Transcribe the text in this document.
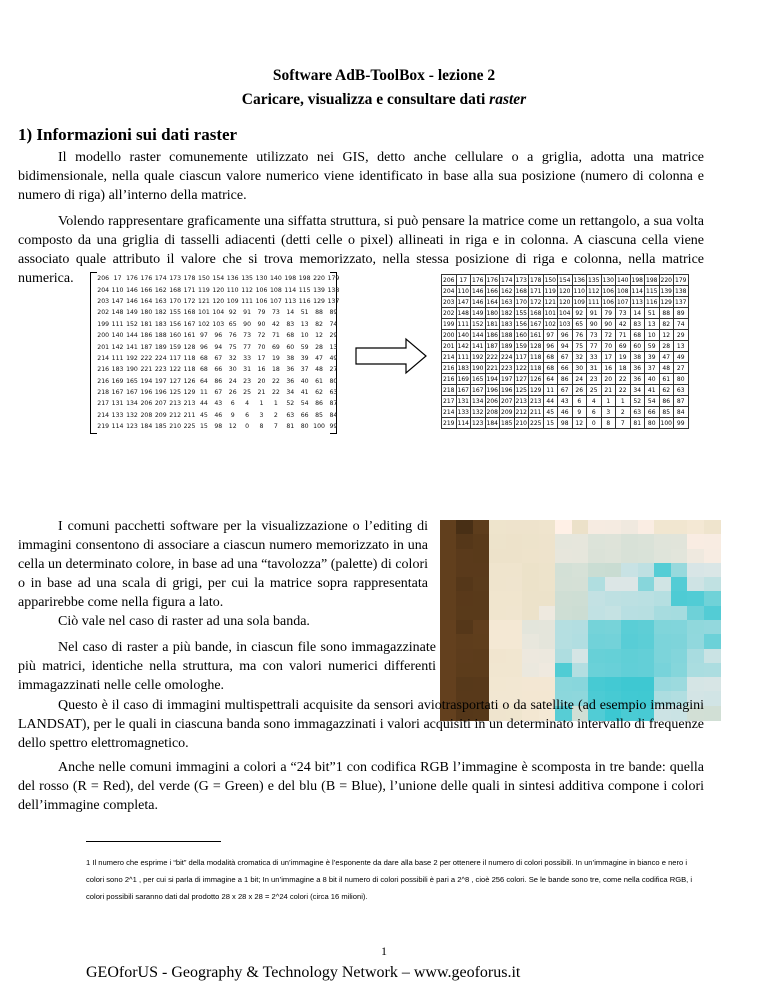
Software AdB-ToolBox - lezione 2
Caricare, visualizza e consultare dati raster
1) Informazioni sui dati raster
Il modello raster comunemente utilizzato nei GIS, detto anche cellulare o a griglia, adotta una matrice bidimensionale, nella quale ciascun valore numerico viene identificato in base alla sua posizione (numero di colonna e numero di riga) all’interno della matrice.
Volendo rappresentare graficamente una siffatta struttura, si può pensare la matrice come un rettangolo, a sua volta composto da una griglia di tasselli adiacenti (detti celle o pixel) allineati in riga e in colonna. A ciascuna cella viene associato quale attributo il valore che si trova memorizzato, nella stessa posizione di riga e colonna, nella matrice numerica.	206 17 176 176 174 173 178 150 154 136 135 130 140 198 198 220 179
204 110 146 166 162 168 171 119 120 110 112 106 108 114 115 139 138
203 147 146 164 163 170 172 121 120 109 111 106 107 113 116 129 137
202 148 149 180 182 155 168 101 104 92	91	79	73	14	51	88	89
199 111 152 181 183 156 167 102 103 65	90	90	42	83	13	82	74
200 140 144 186 188 160 161 97	96	76	73	72	71	68	10	12	29
201 142 141 187 189 159 128 96	94	75	77	70	69	60	59	28	13
214 111 192 222 224 117 118 68	67	32	33	17	19	38	39	47	49
216 183 190 221 223 122 118 68	66	30	31	16	18	36	37	48	27
216 169 165 194 197 127 126 64	86	24	23	20	22	36	40	61	80
218 167 167 196 196 125 129 11	67	26	25	21	22	34	41	62	63
217 131 134 206 207 213 213 44	43	6	4	1	1	52	54	86	87
214 133 132 208 209 212 211 45	46	9	6	3	2	63	66	85	84
219 114 123 184 185 210 225 15	98	12	0	8	7	81	80 100 99
206	17	176	176	174	173	178	150	154	136	135	130	140	198	198	220	179
204	110	146	166	162	168	171	119	120	110	112	106	108	114	115	139	138
203	147	146	164	163	170	172	121	120	109	111	106	107	113	116	129	137
202	148	149	180	182	155	168	101	104	92	91	79	73	14	51	88	89
199	111	152	181	183	156	167	102	103	65	90	90	42	83	13	82	74
200	140	144	186	188	160	161	97	96	76	73	72	71	68	10	12	29
201	142	141	187	189	159	128	96	94	75	77	70	69	60	59	28	13
214	111	192	222	224	117	118	68	67	32	33	17	19	38	39	47	49
216	183	190	221	223	122	118	68	66	30	31	16	18	36	37	48	27
216	169	165	194	197	127	126	64	86	24	23	20	22	36	40	61	80
218	167	167	196	196	125	129	11	67	26	25	21	22	34	41	62	63
217	131	134	206	207	213	213	44	43	6	4	1	1	52	54	86	87
214	133	132	208	209	212	211	45	46	9	6	3	2	63	66	85	84
219	114	123	184	185	210	225	15	98	12	0	8	7	81	80	100	99
I comuni pacchetti software per la visualizzazione o l’editing di immagini consentono di associare a ciascun numero memorizzato in una cella un determinato colore, in base ad una “tavolozza” (palette) di colori o in base ad una scala di grigi, per cui la matrice sopra rappresentata apparirebbe come nella figura a lato.
Ciò vale nel caso di raster ad una sola banda.
Nel caso di raster a più bande, in ciascun file sono immagazzinate più matrici, identiche nella struttura, ma con valori numerici differenti immagazzinati nelle celle omologhe.
Questo è il caso di immagini multispettrali acquisite da sensori aviotrasportati o da satellite (ad esempio immagini LANDSAT), per le quali in ciascuna banda sono immagazzinati i valori acquisiti in un determinato intervallo di frequenze dello spettro elettromagnetico.
Anche nelle comuni immagini a colori a “24 bit”1 con codifica RGB l’immagine è scomposta in tre bande: quella del rosso (R = Red), del verde (G = Green) e del blu (B = Blue), l’unione delle quali in sintesi additiva compone i colori dell’immagine completa.
1 Il numero che esprime i “bit” della modalità cromatica di un’immagine è l’esponente da dare alla base 2 per ottenere il numero di colori possibili. In un’immagine in bianco e nero i colori sono 2^1 , per cui si parla di immagine a 1 bit; In un’immagine a 8 bit il numero di colori possibili è pari a 2^8 , cioè 256 colori. Se le bande sono tre, come nella codifica RGB, i colori possibili saranno dati dal prodotto 28 x 28 x 28 = 2^24 colori (circa 16 milioni).
1
GEOforUS - Geography & Technology Network – www.geoforus.it
